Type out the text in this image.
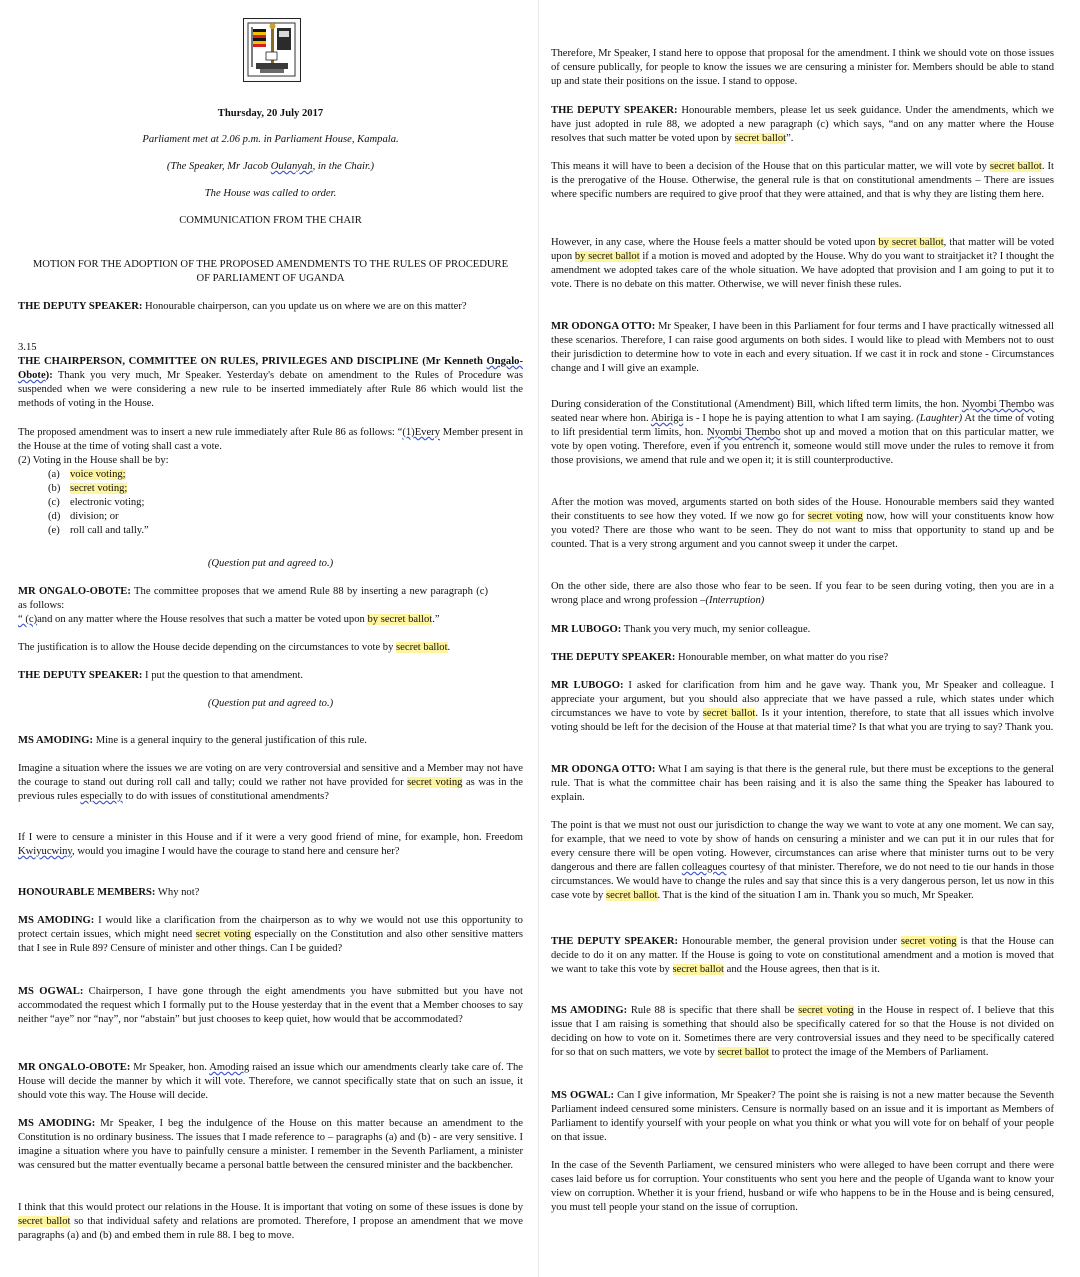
Thursday, 20 July 2017

Parliament met at 2.06 p.m. in Parliament House, Kampala.

(The Speaker, Mr Jacob Oulanyah, in the Chair.)

The House was called to order.

COMMUNICATION FROM THE CHAIR

MOTION FOR THE ADOPTION OF THE PROPOSED AMENDMENTS TO THE RULES OF PROCEDURE OF PARLIAMENT OF UGANDA

THE DEPUTY SPEAKER: Honourable chairperson, can you update us on where we are on this matter?

3.15

THE CHAIRPERSON, COMMITTEE ON RULES, PRIVILEGES AND DISCIPLINE (Mr Kenneth Ongalo-Obote): Thank you very much, Mr Speaker. Yesterday's debate on amendment to the Rules of Procedure was suspended when we were considering a new rule to be inserted immediately after Rule 86 which would list the methods of voting in the House.

The proposed amendment was to insert a new rule immediately after Rule 86 as follows: “(1)Every Member present in the House at the time of voting shall cast a vote.
(2) Voting in the House shall be by:

(a) voice voting;
(b) secret voting;
(c) electronic voting;
(d) division; or
(e) roll call and tally.”

(Question put and agreed to.)

MR ONGALO-OBOTE: The committee proposes that we amend Rule 88 by inserting a new paragraph (c) as follows:
“ (c)and on any matter where the House resolves that such a matter be voted upon by secret ballot.”

The justification is to allow the House decide depending on the circumstances to vote by secret ballot.

THE DEPUTY SPEAKER: I put the question to that amendment.

(Question put and agreed to.)

MS AMODING: Mine is a general inquiry to the general justification of this rule.

Imagine a situation where the issues we are voting on are very controversial and sensitive and a Member may not have the courage to stand out during roll call and tally; could we rather not have provided for secret voting as was in the previous rules especially to do with issues of constitutional amendments?

If I were to censure a minister in this House and if it were a very good friend of mine, for example, hon. Freedom Kwiyucwiny, would you imagine I would have the courage to stand here and censure her?

HONOURABLE MEMBERS: Why not?

MS AMODING: I would like a clarification from the chairperson as to why we would not use this opportunity to protect certain issues, which might need secret voting especially on the Constitution and also other sensitive matters that I see in Rule 89? Censure of minister and other things. Can I be guided?

MS OGWAL: Chairperson, I have gone through the eight amendments you have submitted but you have not accommodated the request which I formally put to the House yesterday that in the event that a Member chooses to say neither “aye” nor “nay”, nor “abstain” but just chooses to keep quiet, how would that be accommodated?

MR ONGALO-OBOTE: Mr Speaker, hon. Amoding raised an issue which our amendments clearly take care of. The House will decide the manner by which it will vote. Therefore, we cannot specifically state that on such an issue, it should vote this way. The House will decide.

MS AMODING: Mr Speaker, I beg the indulgence of the House on this matter because an amendment to the Constitution is no ordinary business. The issues that I made reference to – paragraphs (a) and (b) - are very sensitive. I imagine a situation where you have to painfully censure a minister. I remember in the Seventh Parliament, a minister was censured but the matter eventually became a personal battle between the censured minister and the backbencher.

I think that this would protect our relations in the House. It is important that voting on some of these issues is done by secret ballot so that individual safety and relations are promoted. Therefore, I propose an amendment that we move paragraphs (a) and (b) and embed them in rule 88. I beg to move.

Therefore, Mr Speaker, I stand here to oppose that proposal for the amendment. I think we should vote on those issues of censure publically, for people to know the issues we are censuring a minister for. Members should be able to stand up and state their positions on the issue. I stand to oppose.

THE DEPUTY SPEAKER: Honourable members, please let us seek guidance. Under the amendments, which we have just adopted in rule 88, we adopted a new paragraph (c) which says, “and on any matter where the House resolves that such matter be voted upon by secret ballot”.

This means it will have to been a decision of the House that on this particular matter, we will vote by secret ballot. It is the prerogative of the House. Otherwise, the general rule is that on constitutional amendments – There are issues where specific numbers are required to give proof that they were attained, and that is why they are listing them here.

However, in any case, where the House feels a matter should be voted upon by secret ballot, that matter will be voted upon by secret ballot if a motion is moved and adopted by the House. Why do you want to straitjacket it? I thought the amendment we adopted takes care of the whole situation. We have adopted that provision and I am going to put it to vote. There is no debate on this matter. Otherwise, we will never finish these rules.

MR ODONGA OTTO: Mr Speaker, I have been in this Parliament for four terms and I have practically witnessed all these scenarios. Therefore, I can raise good arguments on both sides. I would like to plead with Members not to oust their jurisdiction to determine how to vote in each and every situation. If we cast it in rock and stone - Circumstances change and I will give an example.

During consideration of the Constitutional (Amendment) Bill, which lifted term limits, the hon. Nyombi Thembo was seated near where hon. Abiriga is - I hope he is paying attention to what I am saying. (Laughter) At the time of voting to lift presidential term limits, hon. Nyombi Thembo shot up and moved a motion that on this particular matter, we vote by open voting. Therefore, even if you entrench it, someone would still move under the rules to remove it from those provisions, we amend that rule and we open it; it is still counterproductive.

After the motion was moved, arguments started on both sides of the House. Honourable members said they wanted their constituents to see how they voted. If we now go for secret voting now, how will your constituents know how you voted? There are those who want to be seen. They do not want to miss that opportunity to stand up and be counted. That is a very strong argument and you cannot sweep it under the carpet.

On the other side, there are also those who fear to be seen. If you fear to be seen during voting, then you are in a wrong place and wrong profession –(Interruption)

MR LUBOGO: Thank you very much, my senior colleague.

THE DEPUTY SPEAKER: Honourable member, on what matter do you rise?

MR LUBOGO: I asked for clarification from him and he gave way. Thank you, Mr Speaker and colleague. I appreciate your argument, but you should also appreciate that we have passed a rule, which states under which circumstances we have to vote by secret ballot. Is it your intention, therefore, to state that all issues which involve voting should be left for the decision of the House at that material time? Is that what you are trying to say? Thank you.

MR ODONGA OTTO: What I am saying is that there is the general rule, but there must be exceptions to the general rule. That is what the committee chair has been raising and it is also the same thing the Speaker has laboured to explain.

The point is that we must not oust our jurisdiction to change the way we want to vote at any one moment. We can say, for example, that we need to vote by show of hands on censuring a minister and we can put it in our rules that for every censure there will be open voting. However, circumstances can arise where that minister turns out to be very dangerous and there are fallen colleagues courtesy of that minister. Therefore, we do not need to tie our hands in those circumstances. We would have to change the rules and say that since this is a very dangerous person, let us now in this case vote by secret ballot. That is the kind of the situation I am in. Thank you so much, Mr Speaker.

THE DEPUTY SPEAKER: Honourable member, the general provision under secret voting is that the House can decide to do it on any matter. If the House is going to vote on constitutional amendment and a motion is moved that we want to take this vote by secret ballot and the House agrees, then that is it.

MS AMODING: Rule 88 is specific that there shall be secret voting in the House in respect of. I believe that this issue that I am raising is something that should also be specifically catered for so that the House is not divided on deciding on how to vote on it. Sometimes there are very controversial issues and they need to be specifically catered for so that on such matters, we vote by secret ballot to protect the image of the Members of Parliament.

MS OGWAL: Can I give information, Mr Speaker? The point she is raising is not a new matter because the Seventh Parliament indeed censured some ministers. Censure is normally based on an issue and it is important as Members of Parliament to identify yourself with your people on what you think or what you will vote for on behalf of your people on that issue.

In the case of the Seventh Parliament, we censured ministers who were alleged to have been corrupt and there were cases laid before us for corruption. Your constituents who sent you here and the people of Uganda want to know your view on corruption. Whether it is your friend, husband or wife who happens to be in the House and is being censured, you must tell people your stand on the issue of corruption.
